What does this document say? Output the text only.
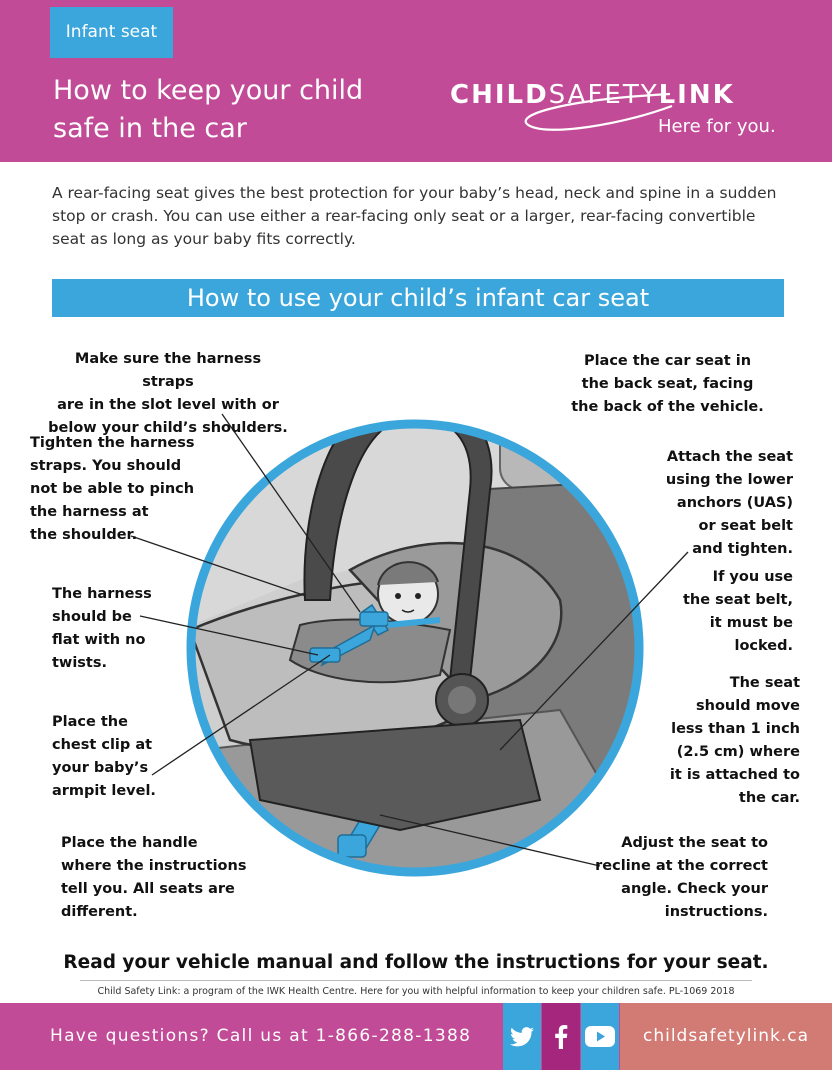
Infant seat
How to keep your child
safe in the car
CHILDSAFETYLINK
Here for you.

A rear-facing seat gives the best protection for your baby’s head, neck and spine in a sudden stop or crash. You can use either a rear-facing only seat or a larger, rear-facing convertible seat as long as your baby fits correctly.

How to use your child’s infant car seat

Make sure the harness straps
are in the slot level with or
below your child’s shoulders.

Tighten the harness
straps. You should
not be able to pinch
the harness at
the shoulder.

The harness
should be
flat with no
twists.

Place the
chest clip at
your baby’s
armpit level.

Place the handle
where the instructions
tell you. All seats are
different.

Place the car seat in
the back seat, facing
the back of the vehicle.

Attach the seat
using the lower
anchors (UAS)
or seat belt
and tighten.

If you use
the seat belt,
it must be
locked.

The seat
should move
less than 1 inch
(2.5 cm) where
it is attached to
the car.

Adjust the seat to
recline at the correct
angle. Check your
instructions.

Read your vehicle manual and follow the instructions for your seat.
Child Safety Link: a program of the IWK Health Centre. Here for you with helpful information to keep your children safe. PL-1069 2018
Have questions? Call us at 1-866-288-1388	childsafetylink.ca
